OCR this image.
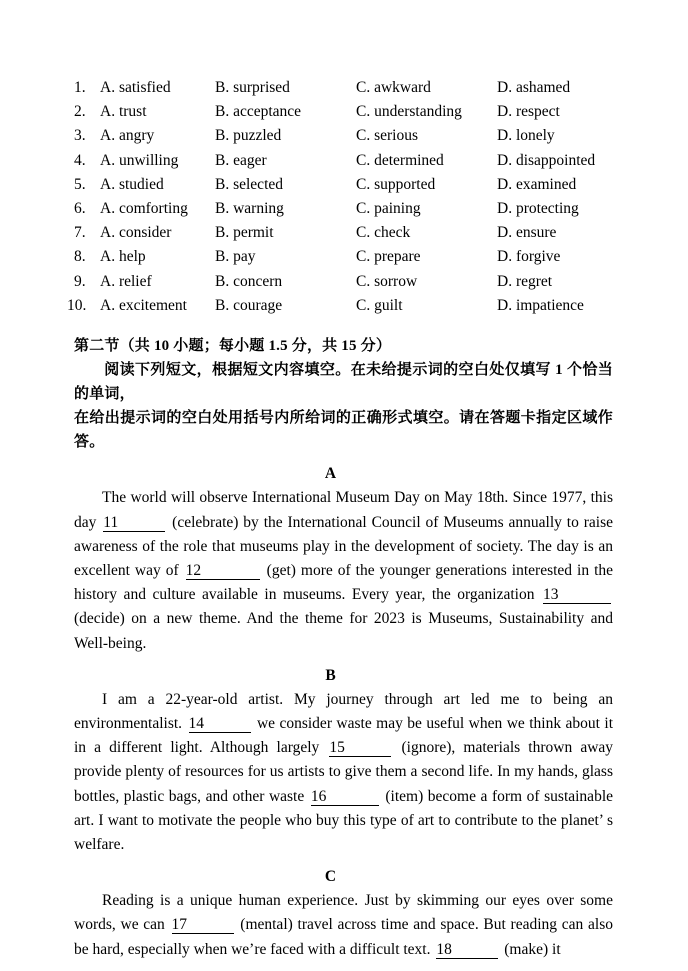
1. A. satisfied	B. surprised	C. awkward	D. ashamed
2. A. trust	B. acceptance	C. understanding D. respect
3. A. angry	B. puzzled	C. serious	D. lonely
4. A. unwilling B. eager	C. determined	D. disappointed
5. A. studied	B. selected	C. supported	D. examined
6. A. comforting B. warning	C. paining	D. protecting
7. A. consider	B. permit	C. check	D. ensure
8. A. help	B. pay	C. prepare	D. forgive
9. A. relief	B. concern	C. sorrow	D. regret
10. A. excitement B. courage	C. guilt	D. impatience
第二节（共 10 小题；每小题 1.5 分，共 15 分）
阅读下列短文，根据短文内容填空。在未给提示词的空白处仅填写 1 个恰当的单词，
在给出提示词的空白处用括号内所给词的正确形式填空。请在答题卡指定区域作答。
A
The world will observe International Museum Day on May 18th. Since 1977, this day 11	(celebrate) by the International Council of Museums annually to raise awareness of the role that museums play in the development of society. The day is an excellent way of 12	(get) more of the younger generations interested in the history and culture available in museums. Every year, the organization 13 (decide) on a new theme. And the theme for 2023 is Museums, Sustainability and Well-being.
B
I am a 22-year-old artist. My journey through art led me to being an environmentalist. 14	we consider waste may be useful when we think about it in a different light. Although largely 15	(ignore), materials thrown away provide plenty of resources for us artists to give them a second life. In my hands, glass bottles, plastic bags, and other waste 16	(item) become a form of sustainable art. I want to motivate the people who buy this type of art to contribute to the planet’ s welfare.
C
Reading is a unique human experience. Just by skimming our eyes over some words, we can 17	(mental) travel across time and space. But reading can also be hard, especially when we’re faced with a difficult text. 18	(make) it
